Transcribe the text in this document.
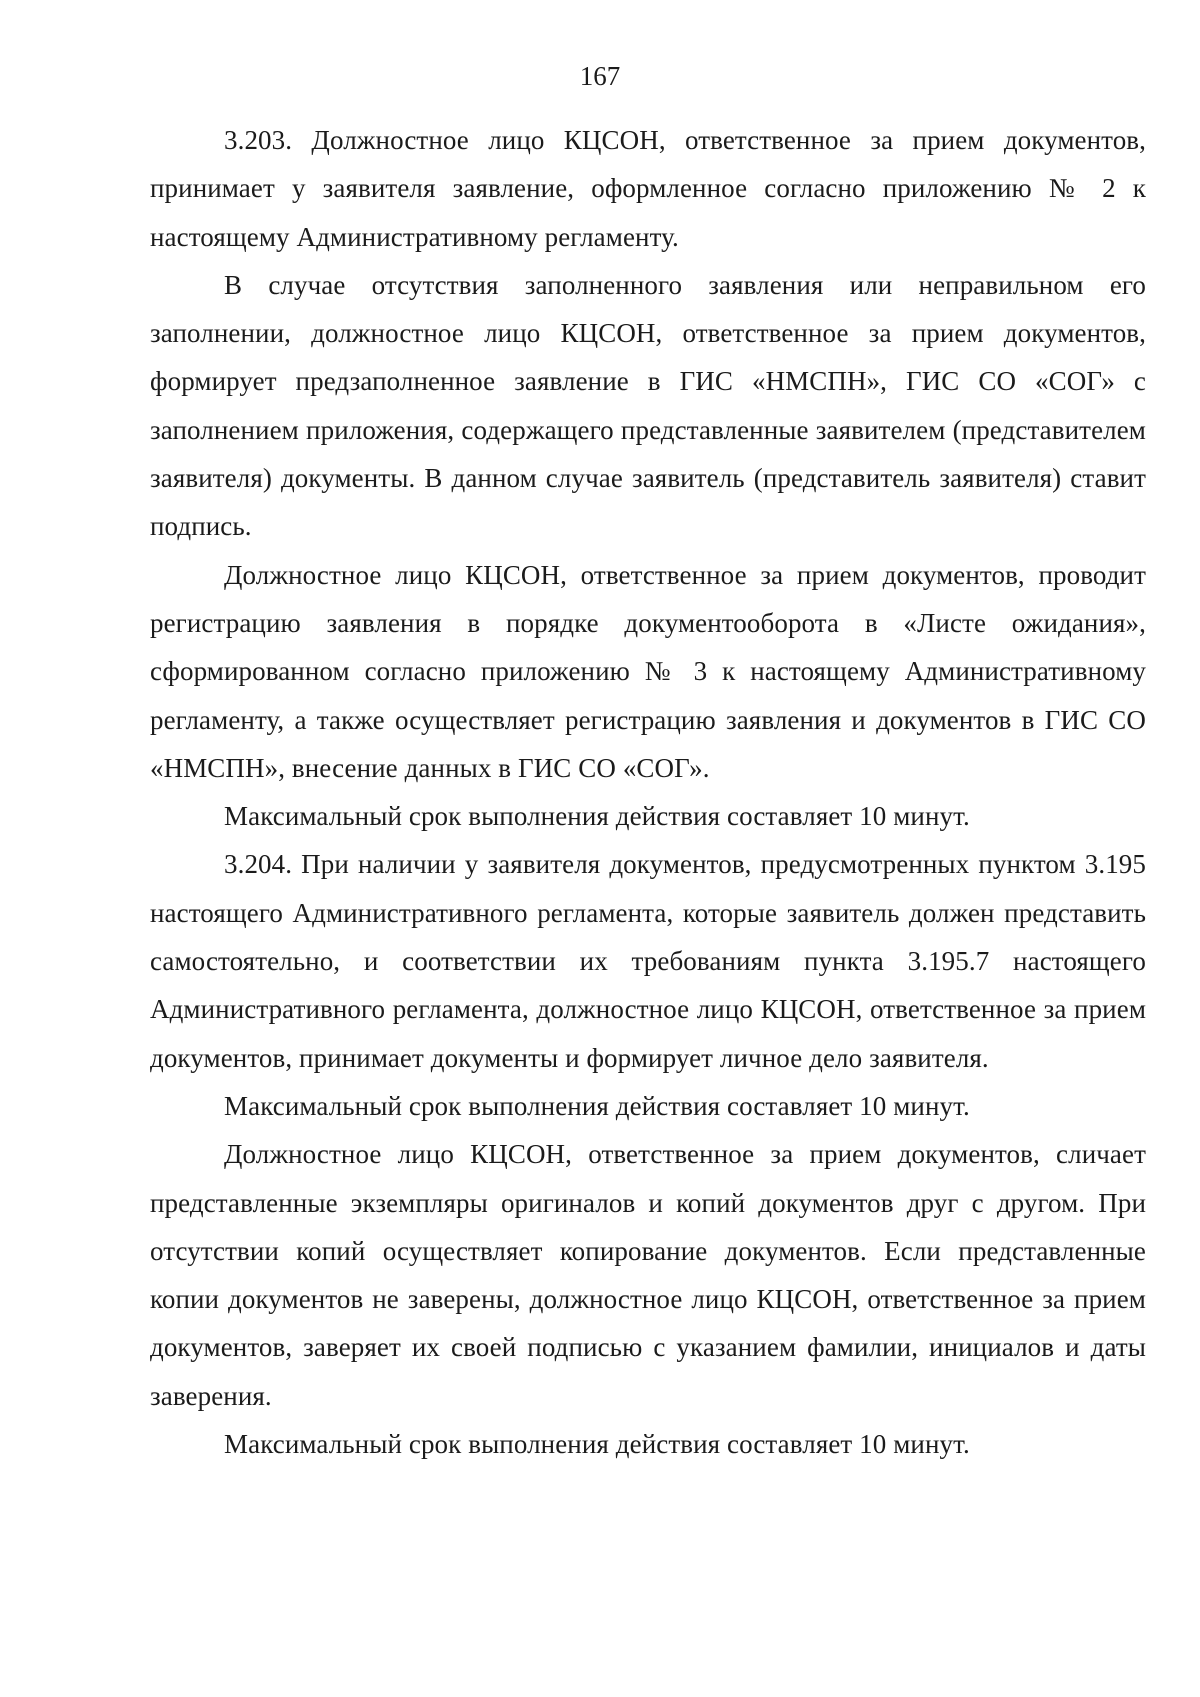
167

3.203. Должностное лицо КЦСОН, ответственное за прием документов, принимает у заявителя заявление, оформленное согласно приложению № 2 к настоящему Административному регламенту.

В случае отсутствия заполненного заявления или неправильном его заполнении, должностное лицо КЦСОН, ответственное за прием документов, формирует предзаполненное заявление в ГИС «НМСПН», ГИС СО «СОГ» с заполнением приложения, содержащего представленные заявителем (представителем заявителя) документы. В данном случае заявитель (представитель заявителя) ставит подпись.

Должностное лицо КЦСОН, ответственное за прием документов, проводит регистрацию заявления в порядке документооборота в «Листе ожидания», сформированном согласно приложению № 3 к настоящему Административному регламенту, а также осуществляет регистрацию заявления и документов в ГИС СО «НМСПН», внесение данных в ГИС СО «СОГ».

Максимальный срок выполнения действия составляет 10 минут.

3.204. При наличии у заявителя документов, предусмотренных пунктом 3.195 настоящего Административного регламента, которые заявитель должен представить самостоятельно, и соответствии их требованиям пункта 3.195.7 настоящего Административного регламента, должностное лицо КЦСОН, ответственное за прием документов, принимает документы и формирует личное дело заявителя.

Максимальный срок выполнения действия составляет 10 минут.

Должностное лицо КЦСОН, ответственное за прием документов, сличает представленные экземпляры оригиналов и копий документов друг с другом. При отсутствии копий осуществляет копирование документов. Если представленные копии документов не заверены, должностное лицо КЦСОН, ответственное за прием документов, заверяет их своей подписью с указанием фамилии, инициалов и даты заверения.

Максимальный срок выполнения действия составляет 10 минут.
